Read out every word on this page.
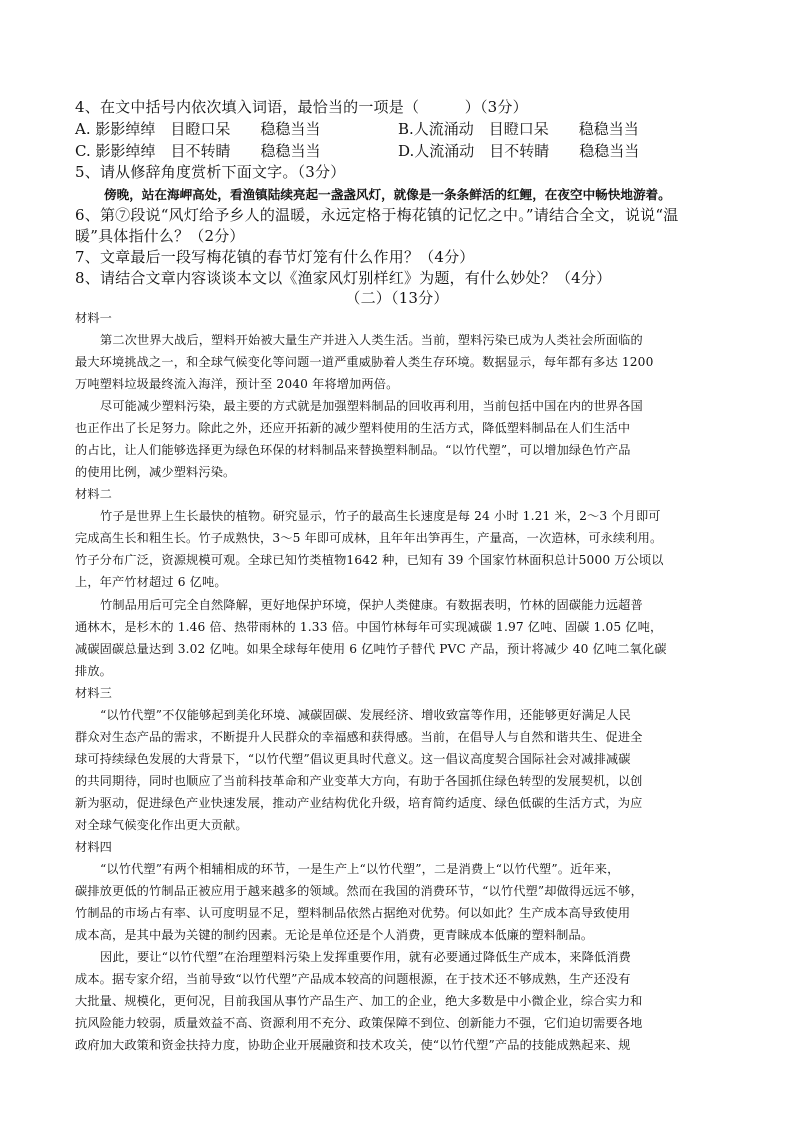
4、在文中括号内依次填入词语，最恰当的一项是（　　　）（3分）
A. 影影绰绰　目瞪口呆　　稳稳当当	B.人流涌动　目瞪口呆　　稳稳当当
C. 影影绰绰　目不转睛　　稳稳当当	D.人流涌动　目不转睛　　稳稳当当
5、请从修辞角度赏析下面文字。（3分）
傍晚，站在海岬高处，看渔镇陆续亮起一盏盏风灯，就像是一条条鲜活的红鲤，在夜空中畅快地游着。
6、第⑦段说“风灯给予乡人的温暖，永远定格于梅花镇的记忆之中。”请结合全文，说说“温
暖”具体指什么？（2分）
7、文章最后一段写梅花镇的春节灯笼有什么作用？（4分）
8、请结合文章内容谈谈本文以《渔家风灯别样红》为题，有什么妙处？（4分）
（二）（13分）
材料一
第二次世界大战后，塑料开始被大量生产并进入人类生活。当前，塑料污染已成为人类社会所面临的
最大环境挑战之一，和全球气候变化等问题一道严重威胁着人类生存环境。数据显示，每年都有多达 1200
万吨塑料垃圾最终流入海洋，预计至 2040 年将增加两倍。
尽可能减少塑料污染，最主要的方式就是加强塑料制品的回收再利用，当前包括中国在内的世界各国
也正作出了长足努力。除此之外，还应开拓新的减少塑料使用的生活方式，降低塑料制品在人们生活中
的占比，让人们能够选择更为绿色环保的材料制品来替换塑料制品。“以竹代塑”，可以增加绿色竹产品
的使用比例，减少塑料污染。
材料二
竹子是世界上生长最快的植物。研究显示，竹子的最高生长速度是每 24 小时 1.21 米，2～3 个月即可
完成高生长和粗生长。竹子成熟快，3～5 年即可成林，且年年出笋再生，产量高，一次造林，可永续利用。
竹子分布广泛，资源规模可观。全球已知竹类植物1642 种，已知有 39 个国家竹林面积总计5000 万公顷以
上，年产竹材超过 6 亿吨。
竹制品用后可完全自然降解，更好地保护环境，保护人类健康。有数据表明，竹林的固碳能力远超普
通林木，是杉木的 1.46 倍、热带雨林的 1.33 倍。中国竹林每年可实现减碳 1.97 亿吨、固碳 1.05 亿吨，
减碳固碳总量达到 3.02 亿吨。如果全球每年使用 6 亿吨竹子替代 PVC 产品，预计将减少 40 亿吨二氧化碳
排放。
材料三
“以竹代塑”不仅能够起到美化环境、减碳固碳、发展经济、增收致富等作用，还能够更好满足人民
群众对生态产品的需求，不断提升人民群众的幸福感和获得感。当前，在倡导人与自然和谐共生、促进全
球可持续绿色发展的大背景下，“以竹代塑”倡议更具时代意义。这一倡议高度契合国际社会对减排减碳
的共同期待，同时也顺应了当前科技革命和产业变革大方向，有助于各国抓住绿色转型的发展契机，以创
新为驱动，促进绿色产业快速发展，推动产业结构优化升级，培育简约适度、绿色低碳的生活方式，为应
对全球气候变化作出更大贡献。
材料四
“以竹代塑”有两个相辅相成的环节，一是生产上“以竹代塑”，二是消费上“以竹代塑”。近年来，
碳排放更低的竹制品正被应用于越来越多的领域。然而在我国的消费环节，“以竹代塑”却做得远远不够，
竹制品的市场占有率、认可度明显不足，塑料制品依然占据绝对优势。何以如此？生产成本高导致使用
成本高，是其中最为关键的制约因素。无论是单位还是个人消费，更青睐成本低廉的塑料制品。
因此，要让“以竹代塑”在治理塑料污染上发挥重要作用，就有必要通过降低生产成本，来降低消费
成本。据专家介绍，当前导致“以竹代塑”产品成本较高的问题根源，在于技术还不够成熟，生产还没有
大批量、规模化，更何况，目前我国从事竹产品生产、加工的企业，绝大多数是中小微企业，综合实力和
抗风险能力较弱，质量效益不高、资源利用不充分、政策保障不到位、创新能力不强，它们迫切需要各地
政府加大政策和资金扶持力度，协助企业开展融资和技术攻关，使“以竹代塑”产品的技能成熟起来、规
